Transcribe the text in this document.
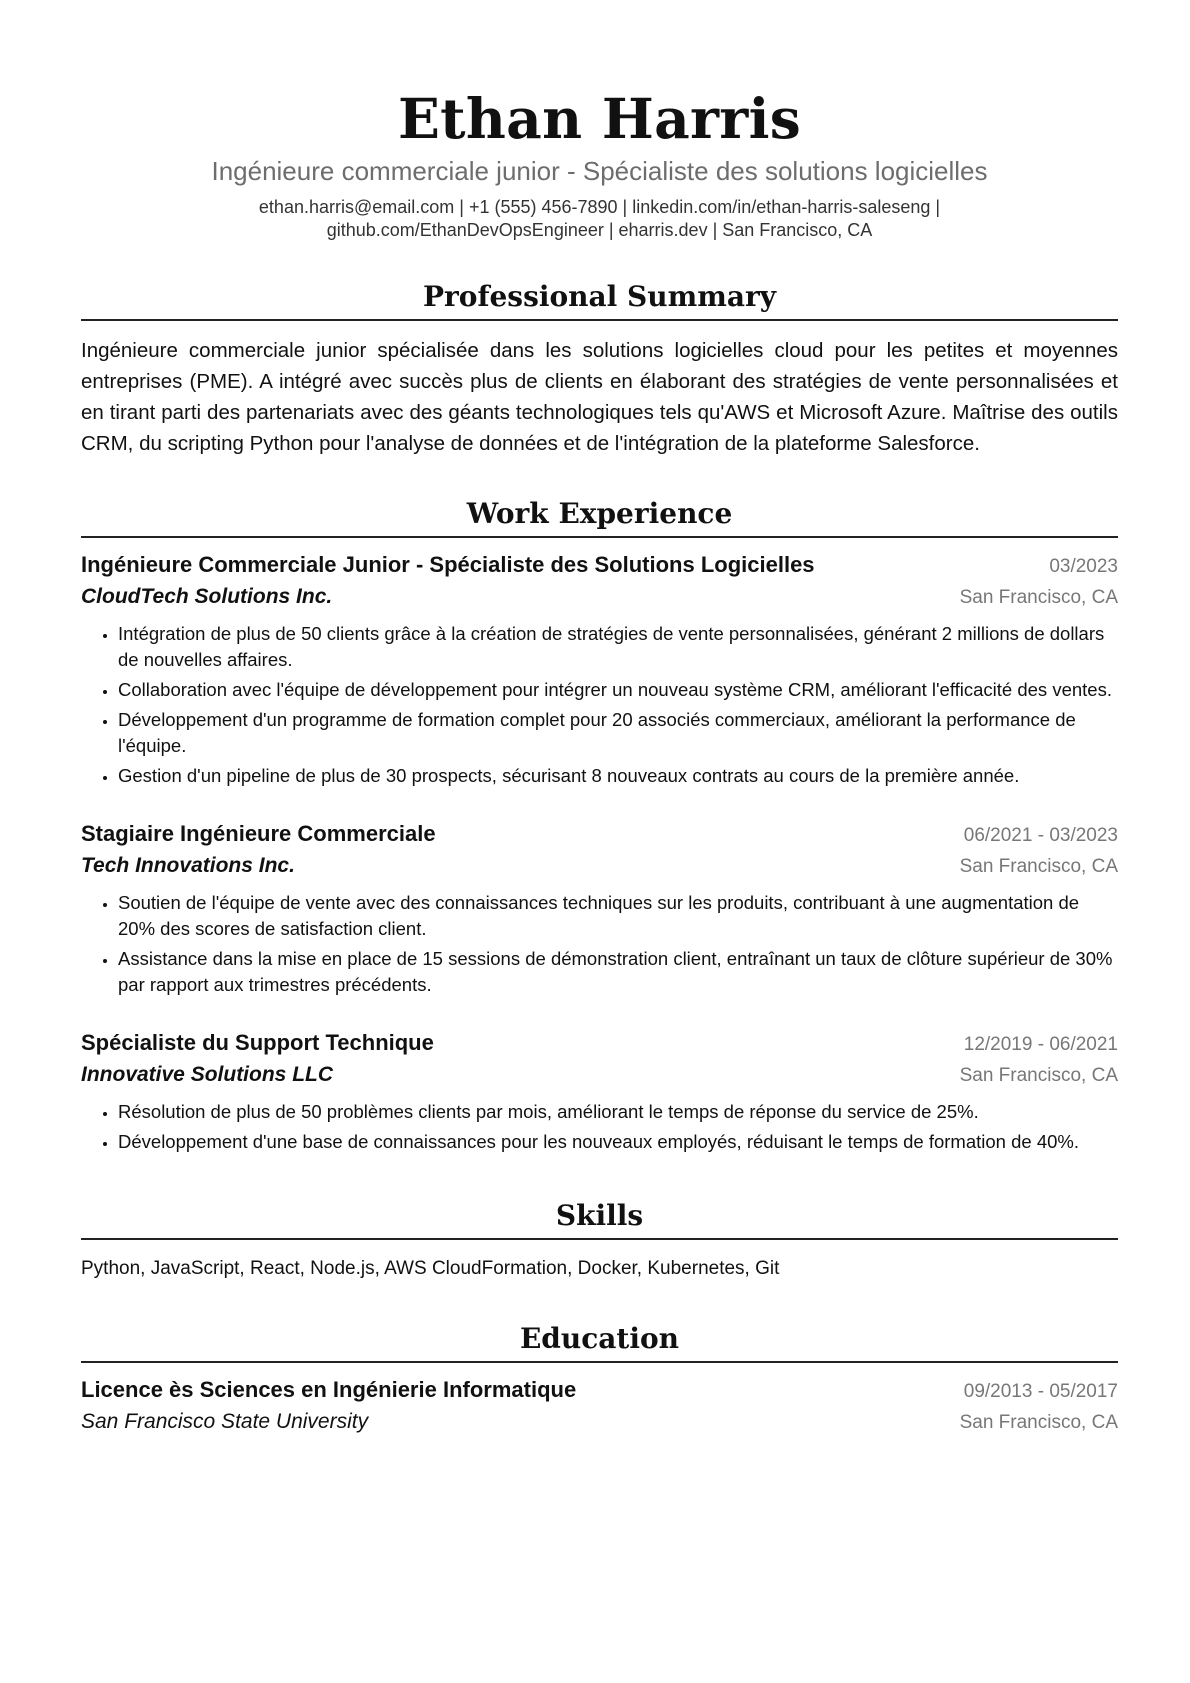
Ethan Harris
Ingénieure commerciale junior - Spécialiste des solutions logicielles
ethan.harris@email.com | +1 (555) 456-7890 | linkedin.com/in/ethan-harris-saleseng |
github.com/EthanDevOpsEngineer | eharris.dev | San Francisco, CA
Professional Summary
Ingénieure commerciale junior spécialisée dans les solutions logicielles cloud pour les petites et moyennes entreprises (PME). A intégré avec succès plus de clients en élaborant des stratégies de vente personnalisées et en tirant parti des partenariats avec des géants technologiques tels qu'AWS et Microsoft Azure. Maîtrise des outils CRM, du scripting Python pour l'analyse de données et de l'intégration de la plateforme Salesforce.
Work Experience
Ingénieure Commerciale Junior - Spécialiste des Solutions Logicielles	03/2023
CloudTech Solutions Inc.	San Francisco, CA
• Intégration de plus de 50 clients grâce à la création de stratégies de vente personnalisées, générant 2 millions de dollars de nouvelles affaires.
• Collaboration avec l'équipe de développement pour intégrer un nouveau système CRM, améliorant l'efficacité des ventes.
• Développement d'un programme de formation complet pour 20 associés commerciaux, améliorant la performance de l'équipe.
• Gestion d'un pipeline de plus de 30 prospects, sécurisant 8 nouveaux contrats au cours de la première année.
Stagiaire Ingénieure Commerciale	06/2021 - 03/2023
Tech Innovations Inc.	San Francisco, CA
• Soutien de l'équipe de vente avec des connaissances techniques sur les produits, contribuant à une augmentation de 20% des scores de satisfaction client.
• Assistance dans la mise en place de 15 sessions de démonstration client, entraînant un taux de clôture supérieur de 30% par rapport aux trimestres précédents.
Spécialiste du Support Technique	12/2019 - 06/2021
Innovative Solutions LLC	San Francisco, CA
• Résolution de plus de 50 problèmes clients par mois, améliorant le temps de réponse du service de 25%.
• Développement d'une base de connaissances pour les nouveaux employés, réduisant le temps de formation de 40%.
Skills
Python, JavaScript, React, Node.js, AWS CloudFormation, Docker, Kubernetes, Git
Education
Licence ès Sciences en Ingénierie Informatique	09/2013 - 05/2017
San Francisco State University	San Francisco, CA
